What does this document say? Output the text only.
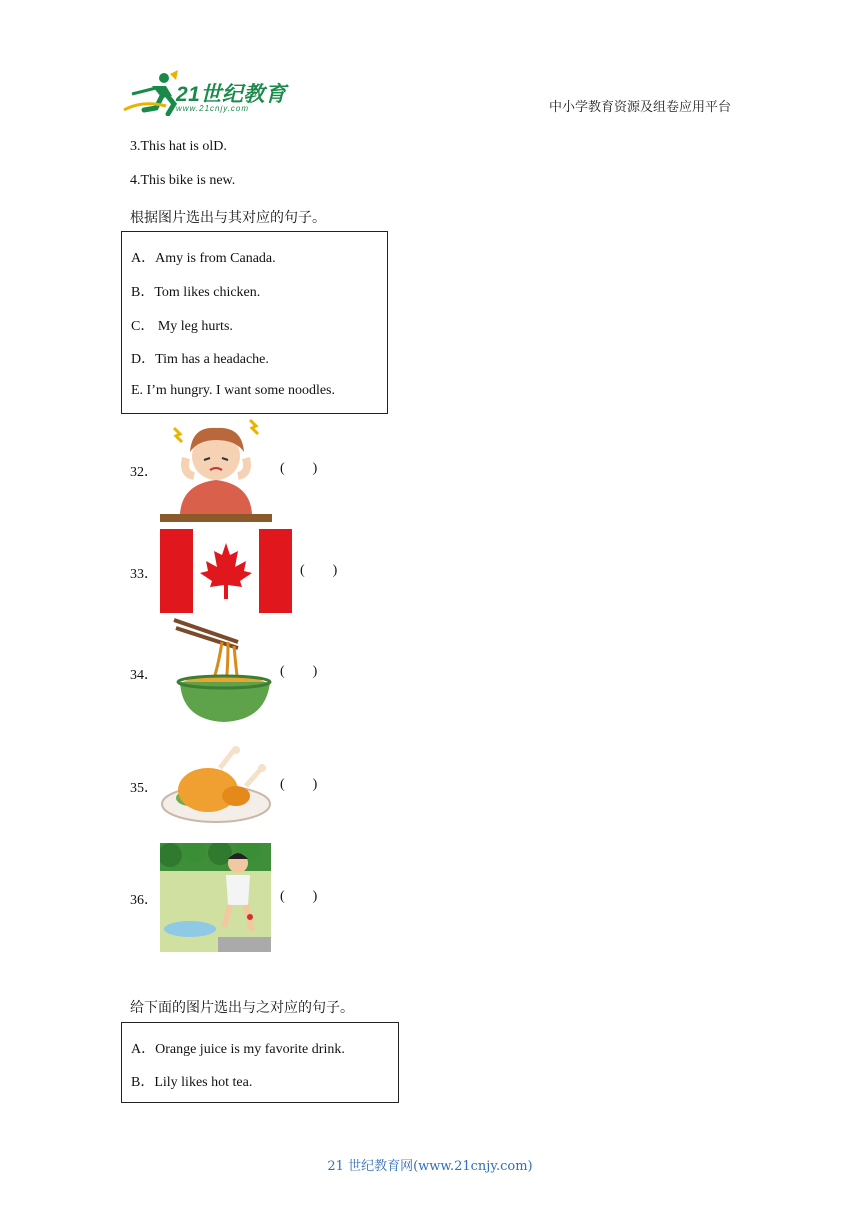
21世纪教育
www.21cnjy.com	中小学教育资源及组卷应用平台
3.This hat is olD.
4.This bike is new.
根据图片选出与其对应的句子。
A．Amy is from Canada.
B．Tom likes chicken.
C． My leg hurts.
D．Tim has a headache.
E. I’m hungry. I want some noodles.
32．	(        )
33．	(        )
34．	(        )
35．	(        )
36．	(        )
给下面的图片选出与之对应的句子。
A．Orange juice is my favorite drink.
B．Lily likes hot tea.
21 世纪教育网(www.21cnjy.com)
